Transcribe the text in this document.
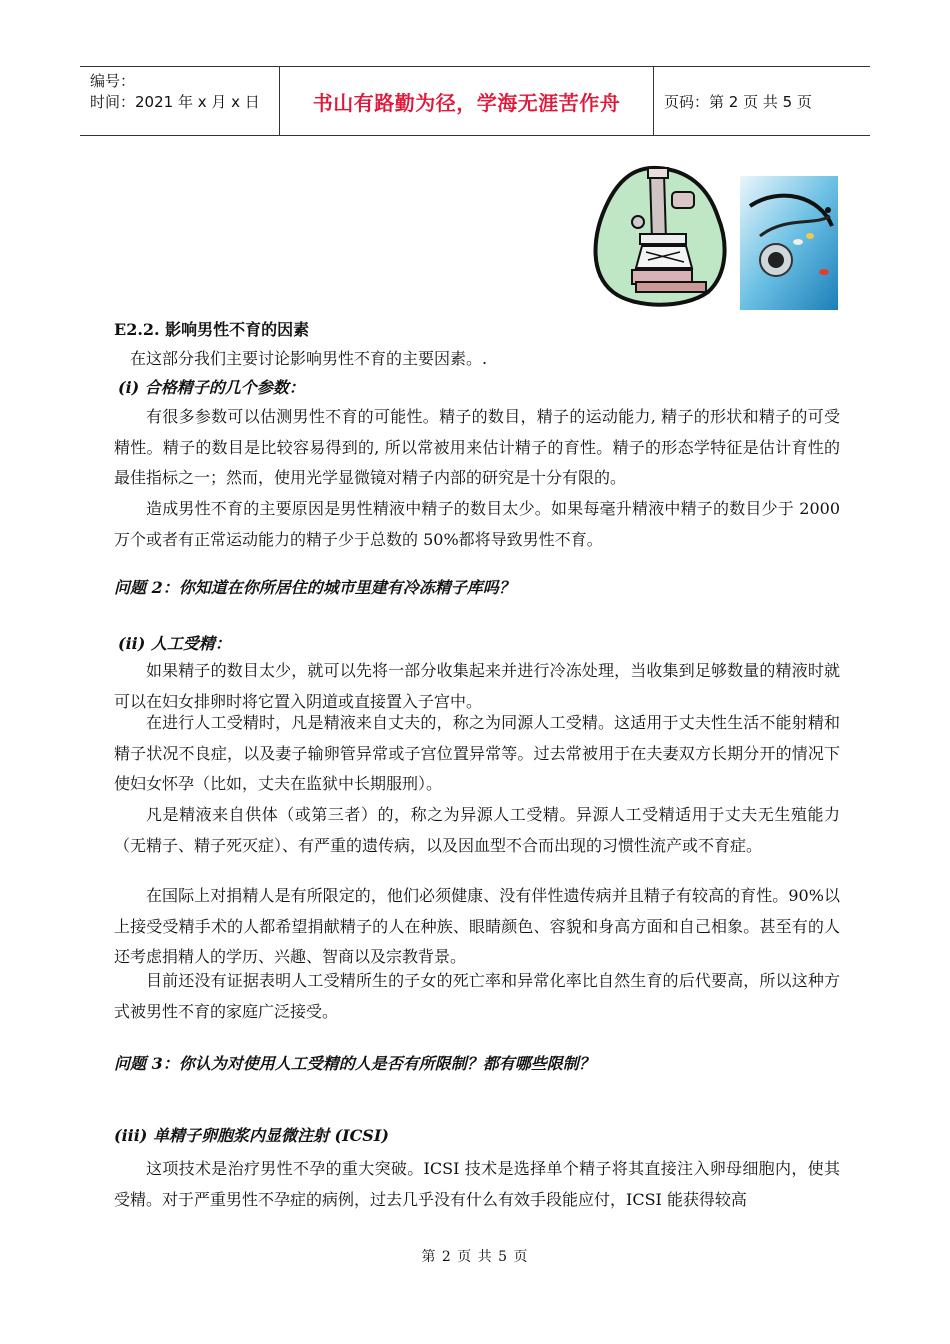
编号：
时间：2021 年 x 月 x 日	书山有路勤为径，学海无涯苦作舟	页码：第 2 页 共 5 页
E2.2. 影响男性不育的因素
在这部分我们主要讨论影响男性不育的主要因素。.
(i) 合格精子的几个参数：
有很多参数可以估测男性不育的可能性。精子的数目，精子的运动能力, 精子的形状和精子的可受精性。精子的数目是比较容易得到的, 所以常被用来估计精子的育性。精子的形态学特征是估计育性的最佳指标之一；然而，使用光学显微镜对精子内部的研究是十分有限的。
造成男性不育的主要原因是男性精液中精子的数目太少。如果每毫升精液中精子的数目少于 2000 万个或者有正常运动能力的精子少于总数的 50%都将导致男性不育。
问题 2：你知道在你所居住的城市里建有冷冻精子库吗？
(ii) 人工受精：
如果精子的数目太少，就可以先将一部分收集起来并进行冷冻处理，当收集到足够数量的精液时就可以在妇女排卵时将它置入阴道或直接置入子宫中。
在进行人工受精时，凡是精液来自丈夫的，称之为同源人工受精。这适用于丈夫性生活不能射精和精子状况不良症，以及妻子输卵管异常或子宫位置异常等。过去常被用于在夫妻双方长期分开的情况下使妇女怀孕（比如，丈夫在监狱中长期服刑）。
凡是精液来自供体（或第三者）的，称之为异源人工受精。异源人工受精适用于丈夫无生殖能力（无精子、精子死灭症）、有严重的遗传病，以及因血型不合而出现的习惯性流产或不育症。
在国际上对捐精人是有所限定的，他们必须健康、没有伴性遗传病并且精子有较高的育性。90%以上接受受精手术的人都希望捐献精子的人在种族、眼睛颜色、容貌和身高方面和自己相象。甚至有的人还考虑捐精人的学历、兴趣、智商以及宗教背景。
目前还没有证据表明人工受精所生的子女的死亡率和异常化率比自然生育的后代要高，所以这种方式被男性不育的家庭广泛接受。
问题 3：你认为对使用人工受精的人是否有所限制？都有哪些限制？
(iii) 单精子卵胞浆内显微注射 (ICSI)
这项技术是治疗男性不孕的重大突破。ICSI 技术是选择单个精子将其直接注入卵母细胞内，使其受精。对于严重男性不孕症的病例，过去几乎没有什么有效手段能应付，ICSI 能获得较高
第 2 页 共 5 页
